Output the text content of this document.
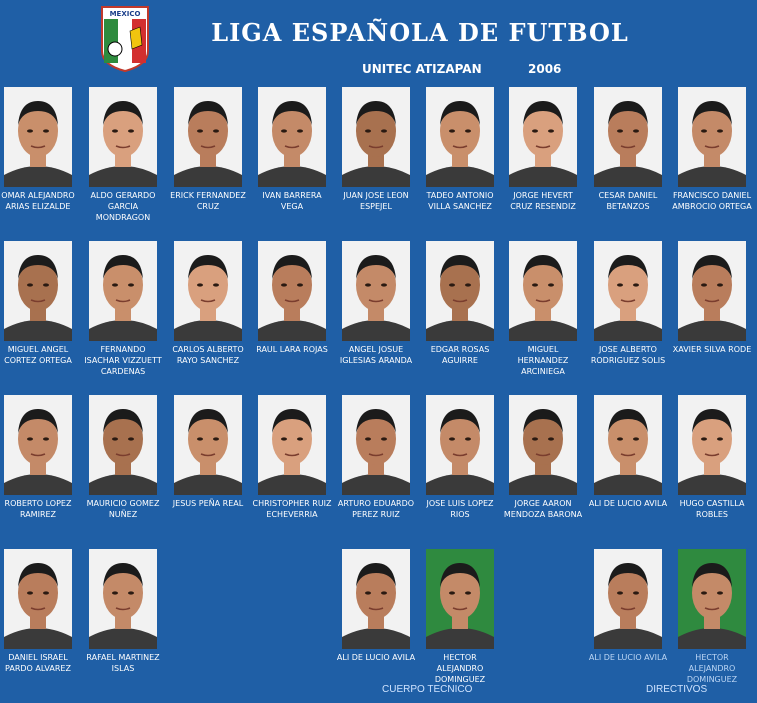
MEXICO
LIGA ESPAÑOLA DE FUTBOL
UNITEC ATIZAPAN	2006
OMAR ALEJANDRO ARIAS ELIZALDE
ALDO GERARDO GARCIA MONDRAGON
ERICK FERNANDEZ CRUZ
IVAN BARRERA VEGA
JUAN JOSE LEON ESPEJEL
TADEO ANTONIO VILLA SANCHEZ
JORGE HEVERT CRUZ RESENDIZ
CESAR DANIEL BETANZOS
FRANCISCO DANIEL AMBROCIO ORTEGA
MIGUEL ANGEL CORTEZ ORTEGA
FERNANDO ISACHAR VIZZUETT CARDENAS
CARLOS ALBERTO RAYO SANCHEZ
RAUL LARA ROJAS	ANGEL JOSUE IGLESIAS ARANDA
EDGAR ROSAS AGUIRRE
MIGUEL HERNANDEZ ARCINIEGA
JOSE ALBERTO RODRIGUEZ SOLIS
XAVIER SILVA RODE
ROBERTO LOPEZ RAMIREZ
MAURICIO GOMEZ NUÑEZ
JESUS PEÑA REAL	CHRISTOPHER RUIZ ECHEVERRIA
ARTURO EDUARDO PEREZ RUIZ
JOSE LUIS LOPEZ RIOS
JORGE AARON MENDOZA BARONA
ALI DE LUCIO AVILA	HUGO CASTILLA ROBLES
DANIEL ISRAEL PARDO ALVAREZ
RAFAEL MARTINEZ ISLAS
ALI DE LUCIO AVILA	HECTOR ALEJANDRO DOMINGUEZ
ALI DE LUCIO AVILA	HECTOR ALEJANDRO DOMINGUEZ
CUERPO TECNICO	DIRECTIVOS
